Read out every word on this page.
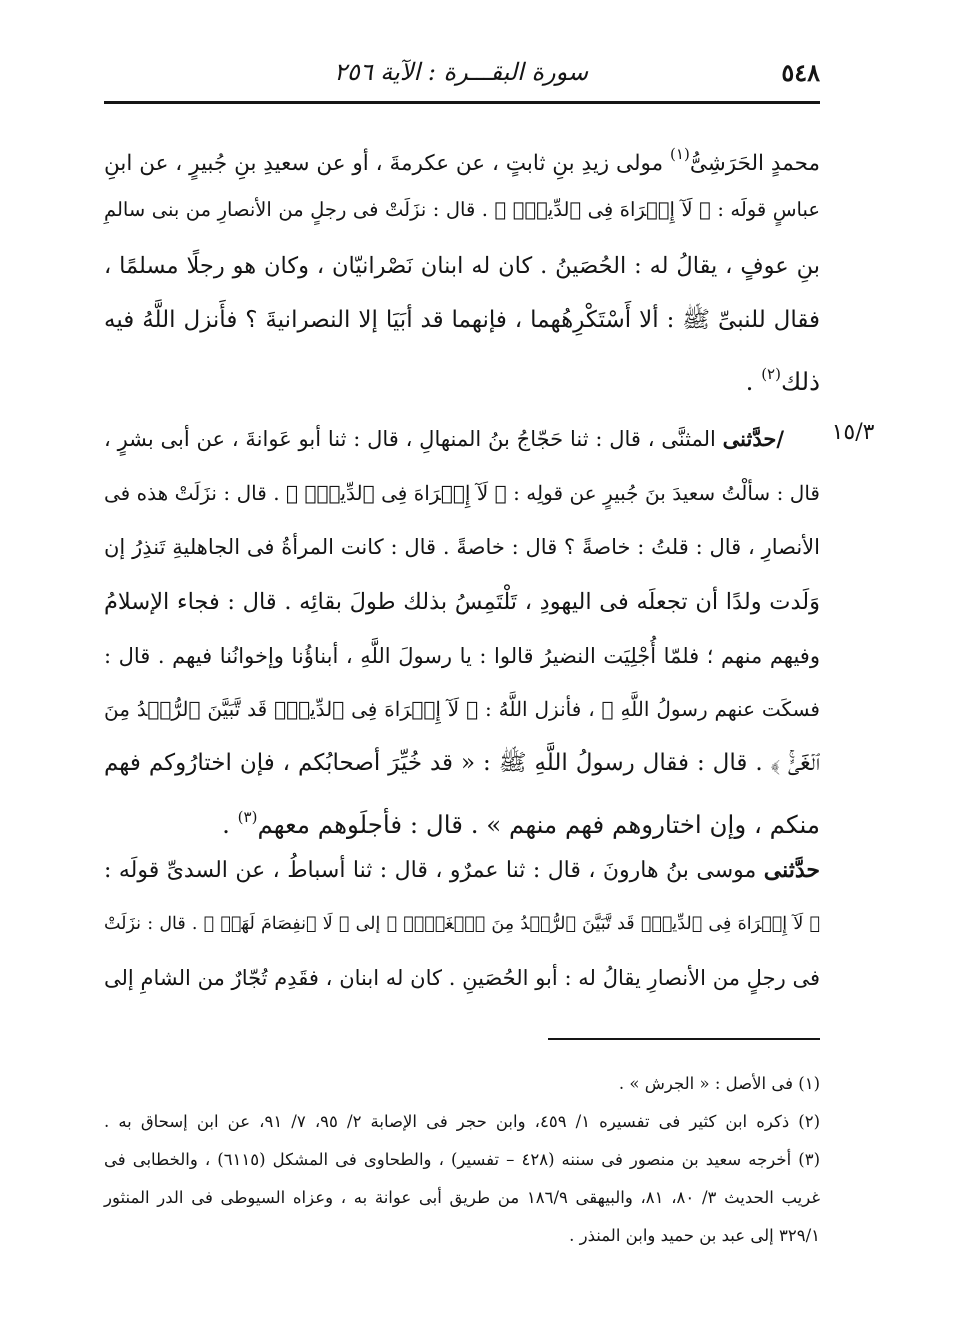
٥٤٨
سورة البقـــرة : الآية ٢٥٦
محمدٍ الحَرَشِىُّ$^{(١)}$ مولى زيدِ بنِ ثابتٍ ، عن عكرمةَ ، أو عن سعيدِ بنِ جُبيرٍ ، عن ابنِ
عباسٍ قولَه : ﴿ لَآ إِكۡرَاهَ فِى ٱلدِّينِۖ ﴾ . قال : نزَلَتْ فى رجلٍ من الأنصارِ من بنى سالمِ
بنِ عوفٍ ، يقالُ له : الحُصَينُ . كان له ابنان نَصْرانيّان ، وكان هو رجلًا مسلمًا ،
فقال للنبىِّ ﷺ : ألا أَسْتَكْرِهُهما ، فإنهما قد أبَيَا إلا النصرانيةَ ؟ فأَنزل اللَّهُ فيه
ذلك$^{(٢)}$ .
١٥/٣
/حدَّثنى المثنَّى ، قال : ثنا حَجّاجُ بنُ المنهالِ ، قال : ثنا أبو عَوانةَ ، عن أبى بشرٍ ،
قال : سألْتُ سعيدَ بنَ جُبيرٍ عن قولِه : ﴿ لَآ إِكۡرَاهَ فِى ٱلدِّينِۖ ﴾ . قال : نزَلَتْ هذه فى
الأنصارِ ، قال : قلتُ : خاصةً ؟ قال : خاصةً . قال : كانت المرأةُ فى الجاهليةِ تَنذِرُ إن
وَلَدت ولدًا أن تجعلَه فى اليهودِ ، تَلْتَمِسُ بذلك طولَ بقائِه . قال : فجاء الإسلامُ
وفيهم منهم ؛ فلمّا أُجْلِيَت النضيرُ قالوا : يا رسولَ اللَّهِ ، أبناؤُنا وإخوانُنا فيهم . قال :
فسكَت عنهم رسولُ اللَّهِ ﷺ ، فأنزل اللَّهُ : ﴿ لَآ إِكۡرَاهَ فِى ٱلدِّينِۖ قَد تَّبَيَّنَ ٱلرُّشۡدُ مِنَ
ٱلۡغَىِّۚ ﴾ . قال : فقال رسولُ اللَّهِ ﷺ : « قد خُيِّرَ أصحابُكم ، فإن اختارُوكم فهم
منكم ، وإن اختاروهم فهم منهم » . قال : فأجلَوهم معهم$^{(٣)}$ .
حدَّثنى موسى بنُ هارونَ ، قال : ثنا عمرٌو ، قال : ثنا أسباطُ ، عن السدىِّ قولَه :
﴿ لَآ إِكۡرَاهَ فِى ٱلدِّينِۖ قَد تَّبَيَّنَ ٱلرُّشۡدُ مِنَ ٱلۡغَىِّۚ ﴾ إلى ﴿ لَا ٱنفِصَامَ لَهَاۗ ﴾ . قال : نزَلَتْ
فى رجلٍ من الأنصارِ يقالُ له : أبو الحُصَينِ . كان له ابنان ، فقَدِم تُجّارٌ من الشامِ إلى
(١) فى الأصل : « الجرش » .
(٢) ذكره ابن كثير فى تفسيره ١/ ٤٥٩، وابن حجر فى الإصابة ٢/ ٩٥، ٧/ ٩١، عن ابن إسحاق به .
(٣) أخرجه سعيد بن منصور فى سننه (٤٢٨ – تفسير) ، والطحاوى فى المشكل (٦١١٥) ، والخطابى فى
غريب الحديث ٣/ ٨٠، ٨١، والبيهقى ١٨٦/٩ من طريق أبى عوانة به ، وعزاه السيوطى فى الدر المنثور
٣٢٩/١ إلى عبد بن حميد وابن المنذر .
